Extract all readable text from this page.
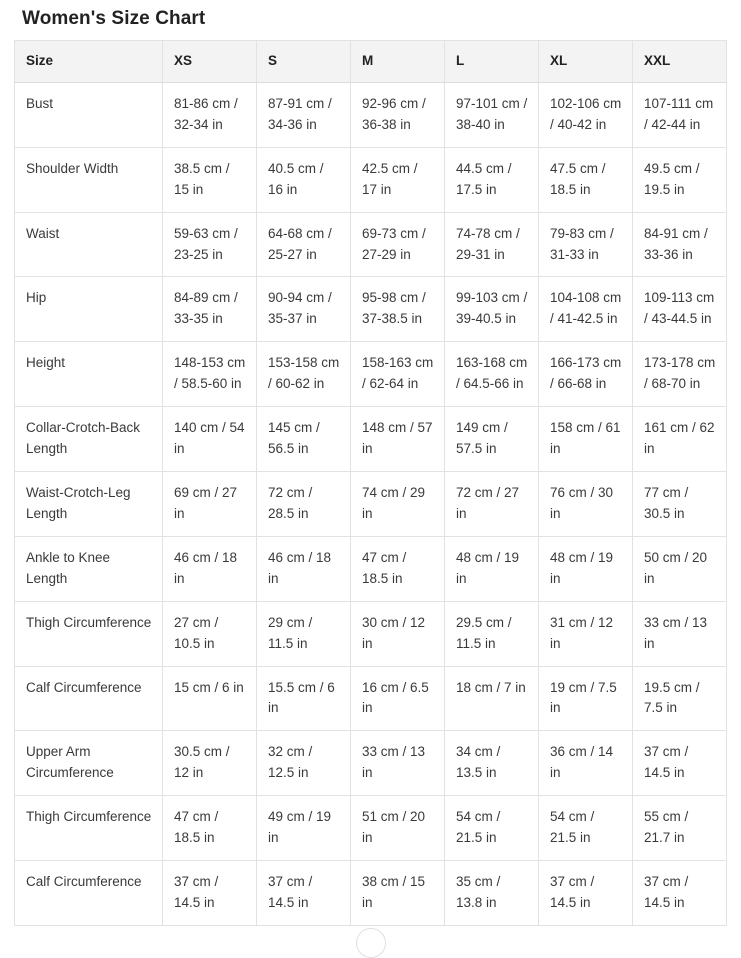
Women's Size Chart
Size	XS	S	M	L	XL	XXL
Bust	81-86 cm / 32-34 in	87-91 cm / 34-36 in	92-96 cm / 36-38 in	97-101 cm / 38-40 in	102-106 cm / 40-42 in	107-111 cm / 42-44 in
Shoulder Width	38.5 cm / 15 in	40.5 cm / 16 in	42.5 cm / 17 in	44.5 cm / 17.5 in	47.5 cm / 18.5 in	49.5 cm / 19.5 in
Waist	59-63 cm / 23-25 in	64-68 cm / 25-27 in	69-73 cm / 27-29 in	74-78 cm / 29-31 in	79-83 cm / 31-33 in	84-91 cm / 33-36 in
Hip	84-89 cm / 33-35 in	90-94 cm / 35-37 in	95-98 cm / 37-38.5 in	99-103 cm / 39-40.5 in	104-108 cm / 41-42.5 in	109-113 cm / 43-44.5 in
Height	148-153 cm / 58.5-60 in	153-158 cm / 60-62 in	158-163 cm / 62-64 in	163-168 cm / 64.5-66 in	166-173 cm / 66-68 in	173-178 cm / 68-70 in
Collar-Crotch-Back Length	140 cm / 54 in	145 cm / 56.5 in	148 cm / 57 in	149 cm / 57.5 in	158 cm / 61 in	161 cm / 62 in
Waist-Crotch-Leg Length	69 cm / 27 in	72 cm / 28.5 in	74 cm / 29 in	72 cm / 27 in	76 cm / 30 in	77 cm / 30.5 in
Ankle to Knee Length	46 cm / 18 in	46 cm / 18 in	47 cm / 18.5 in	48 cm / 19 in	48 cm / 19 in	50 cm / 20 in
Thigh Circumference	27 cm / 10.5 in	29 cm / 11.5 in	30 cm / 12 in	29.5 cm / 11.5 in	31 cm / 12 in	33 cm / 13 in
Calf Circumference	15 cm / 6 in	15.5 cm / 6 in	16 cm / 6.5 in	18 cm / 7 in	19 cm / 7.5 in	19.5 cm / 7.5 in
Upper Arm Circumference	30.5 cm / 12 in	32 cm / 12.5 in	33 cm / 13 in	34 cm / 13.5 in	36 cm / 14 in	37 cm / 14.5 in
Thigh Circumference	47 cm / 18.5 in	49 cm / 19 in	51 cm / 20 in	54 cm / 21.5 in	54 cm / 21.5 in	55 cm / 21.7 in
Calf Circumference	37 cm / 14.5 in	37 cm / 14.5 in	38 cm / 15 in	35 cm / 13.8 in	37 cm / 14.5 in	37 cm / 14.5 in
